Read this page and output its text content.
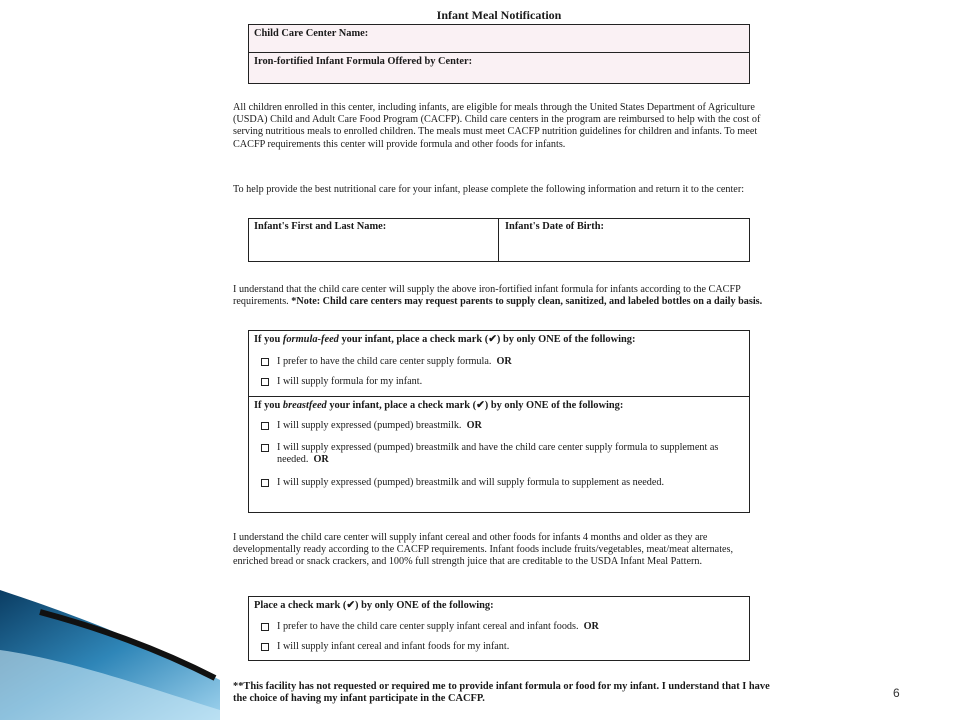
6
Infant Meal Notification
Child Care Center Name:
Iron-fortified Infant Formula Offered by Center:
All children enrolled in this center, including infants, are eligible for meals through the United States Department of Agriculture (USDA) Child and Adult Care Food Program (CACFP). Child care centers in the program are reimbursed to help with the cost of serving nutritious meals to enrolled children. The meals must meet CACFP nutrition guidelines for children and infants. To meet CACFP requirements this center will provide formula and other foods for infants.
To help provide the best nutritional care for your infant, please complete the following information and return it to the center:
Infant's First and Last Name:	Infant's Date of Birth:
I understand that the child care center will supply the above iron-fortified infant formula for infants according to the CACFP requirements. *Note: Child care centers may request parents to supply clean, sanitized, and labeled bottles on a daily basis.
If you formula-feed your infant, place a check mark (✔) by only ONE of the following:
I prefer to have the child care center supply formula. OR
I will supply formula for my infant.
If you breastfeed your infant, place a check mark (✔) by only ONE of the following:
I will supply expressed (pumped) breastmilk. OR
I will supply expressed (pumped) breastmilk and have the child care center supply formula to supplement as needed. OR
I will supply expressed (pumped) breastmilk and will supply formula to supplement as needed.
I understand the child care center will supply infant cereal and other foods for infants 4 months and older as they are developmentally ready according to the CACFP requirements. Infant foods include fruits/vegetables, meat/meat alternates, enriched bread or snack crackers, and 100% full strength juice that are creditable to the USDA Infant Meal Pattern.
Place a check mark (✔) by only ONE of the following:
I prefer to have the child care center supply infant cereal and infant foods. OR
I will supply infant cereal and infant foods for my infant.
**This facility has not requested or required me to provide infant formula or food for my infant. I understand that I have the choice of having my infant participate in the CACFP.
